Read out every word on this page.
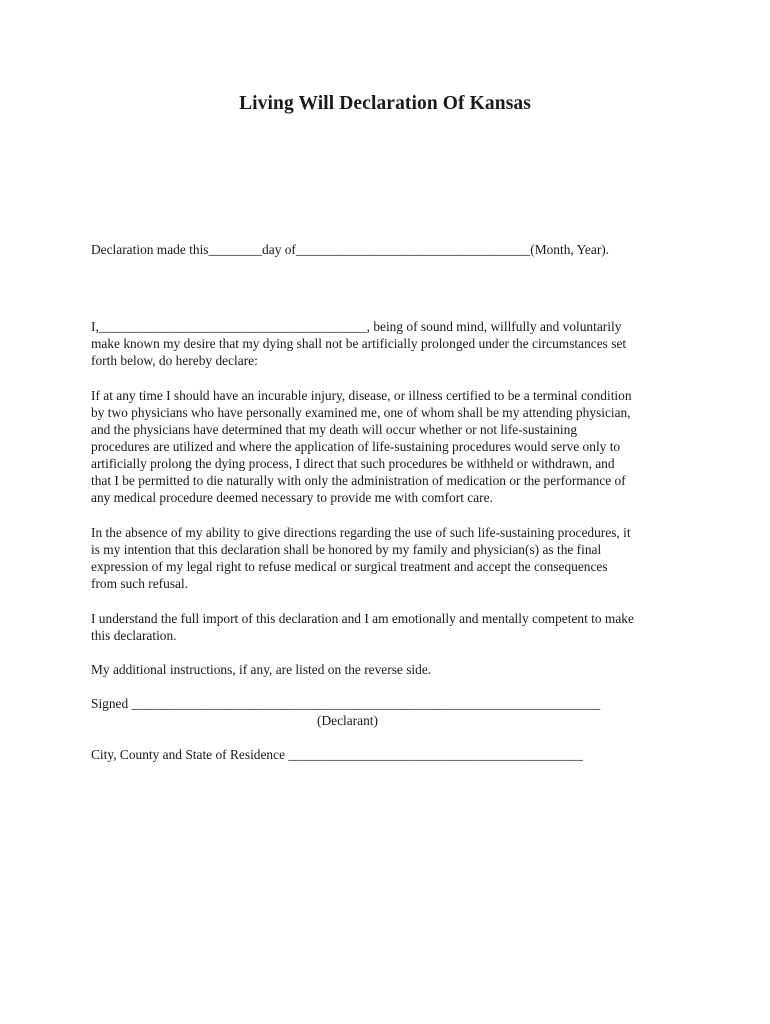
Living Will Declaration Of Kansas

Declaration made this________day of___________________________________(Month, Year).

I,________________________________________, being of sound mind, willfully and voluntarily
make known my desire that my dying shall not be artificially prolonged under the circumstances set
forth below, do hereby declare:
If at any time I should have an incurable injury, disease, or illness certified to be a terminal condition
by two physicians who have personally examined me, one of whom shall be my attending physician,
and the physicians have determined that my death will occur whether or not life-sustaining
procedures are utilized and where the application of life-sustaining procedures would serve only to
artificially prolong the dying process, I direct that such procedures be withheld or withdrawn, and
that I be permitted to die naturally with only the administration of medication or the performance of
any medical procedure deemed necessary to provide me with comfort care.
In the absence of my ability to give directions regarding the use of such life-sustaining procedures, it
is my intention that this declaration shall be honored by my family and physician(s) as the final
expression of my legal right to refuse medical or surgical treatment and accept the consequences
from such refusal.
I understand the full import of this declaration and I am emotionally and mentally competent to make
this declaration.

My additional instructions, if any, are listed on the reverse side.

Signed ______________________________________________________________________

(Declarant)

City, County and State of Residence ____________________________________________
